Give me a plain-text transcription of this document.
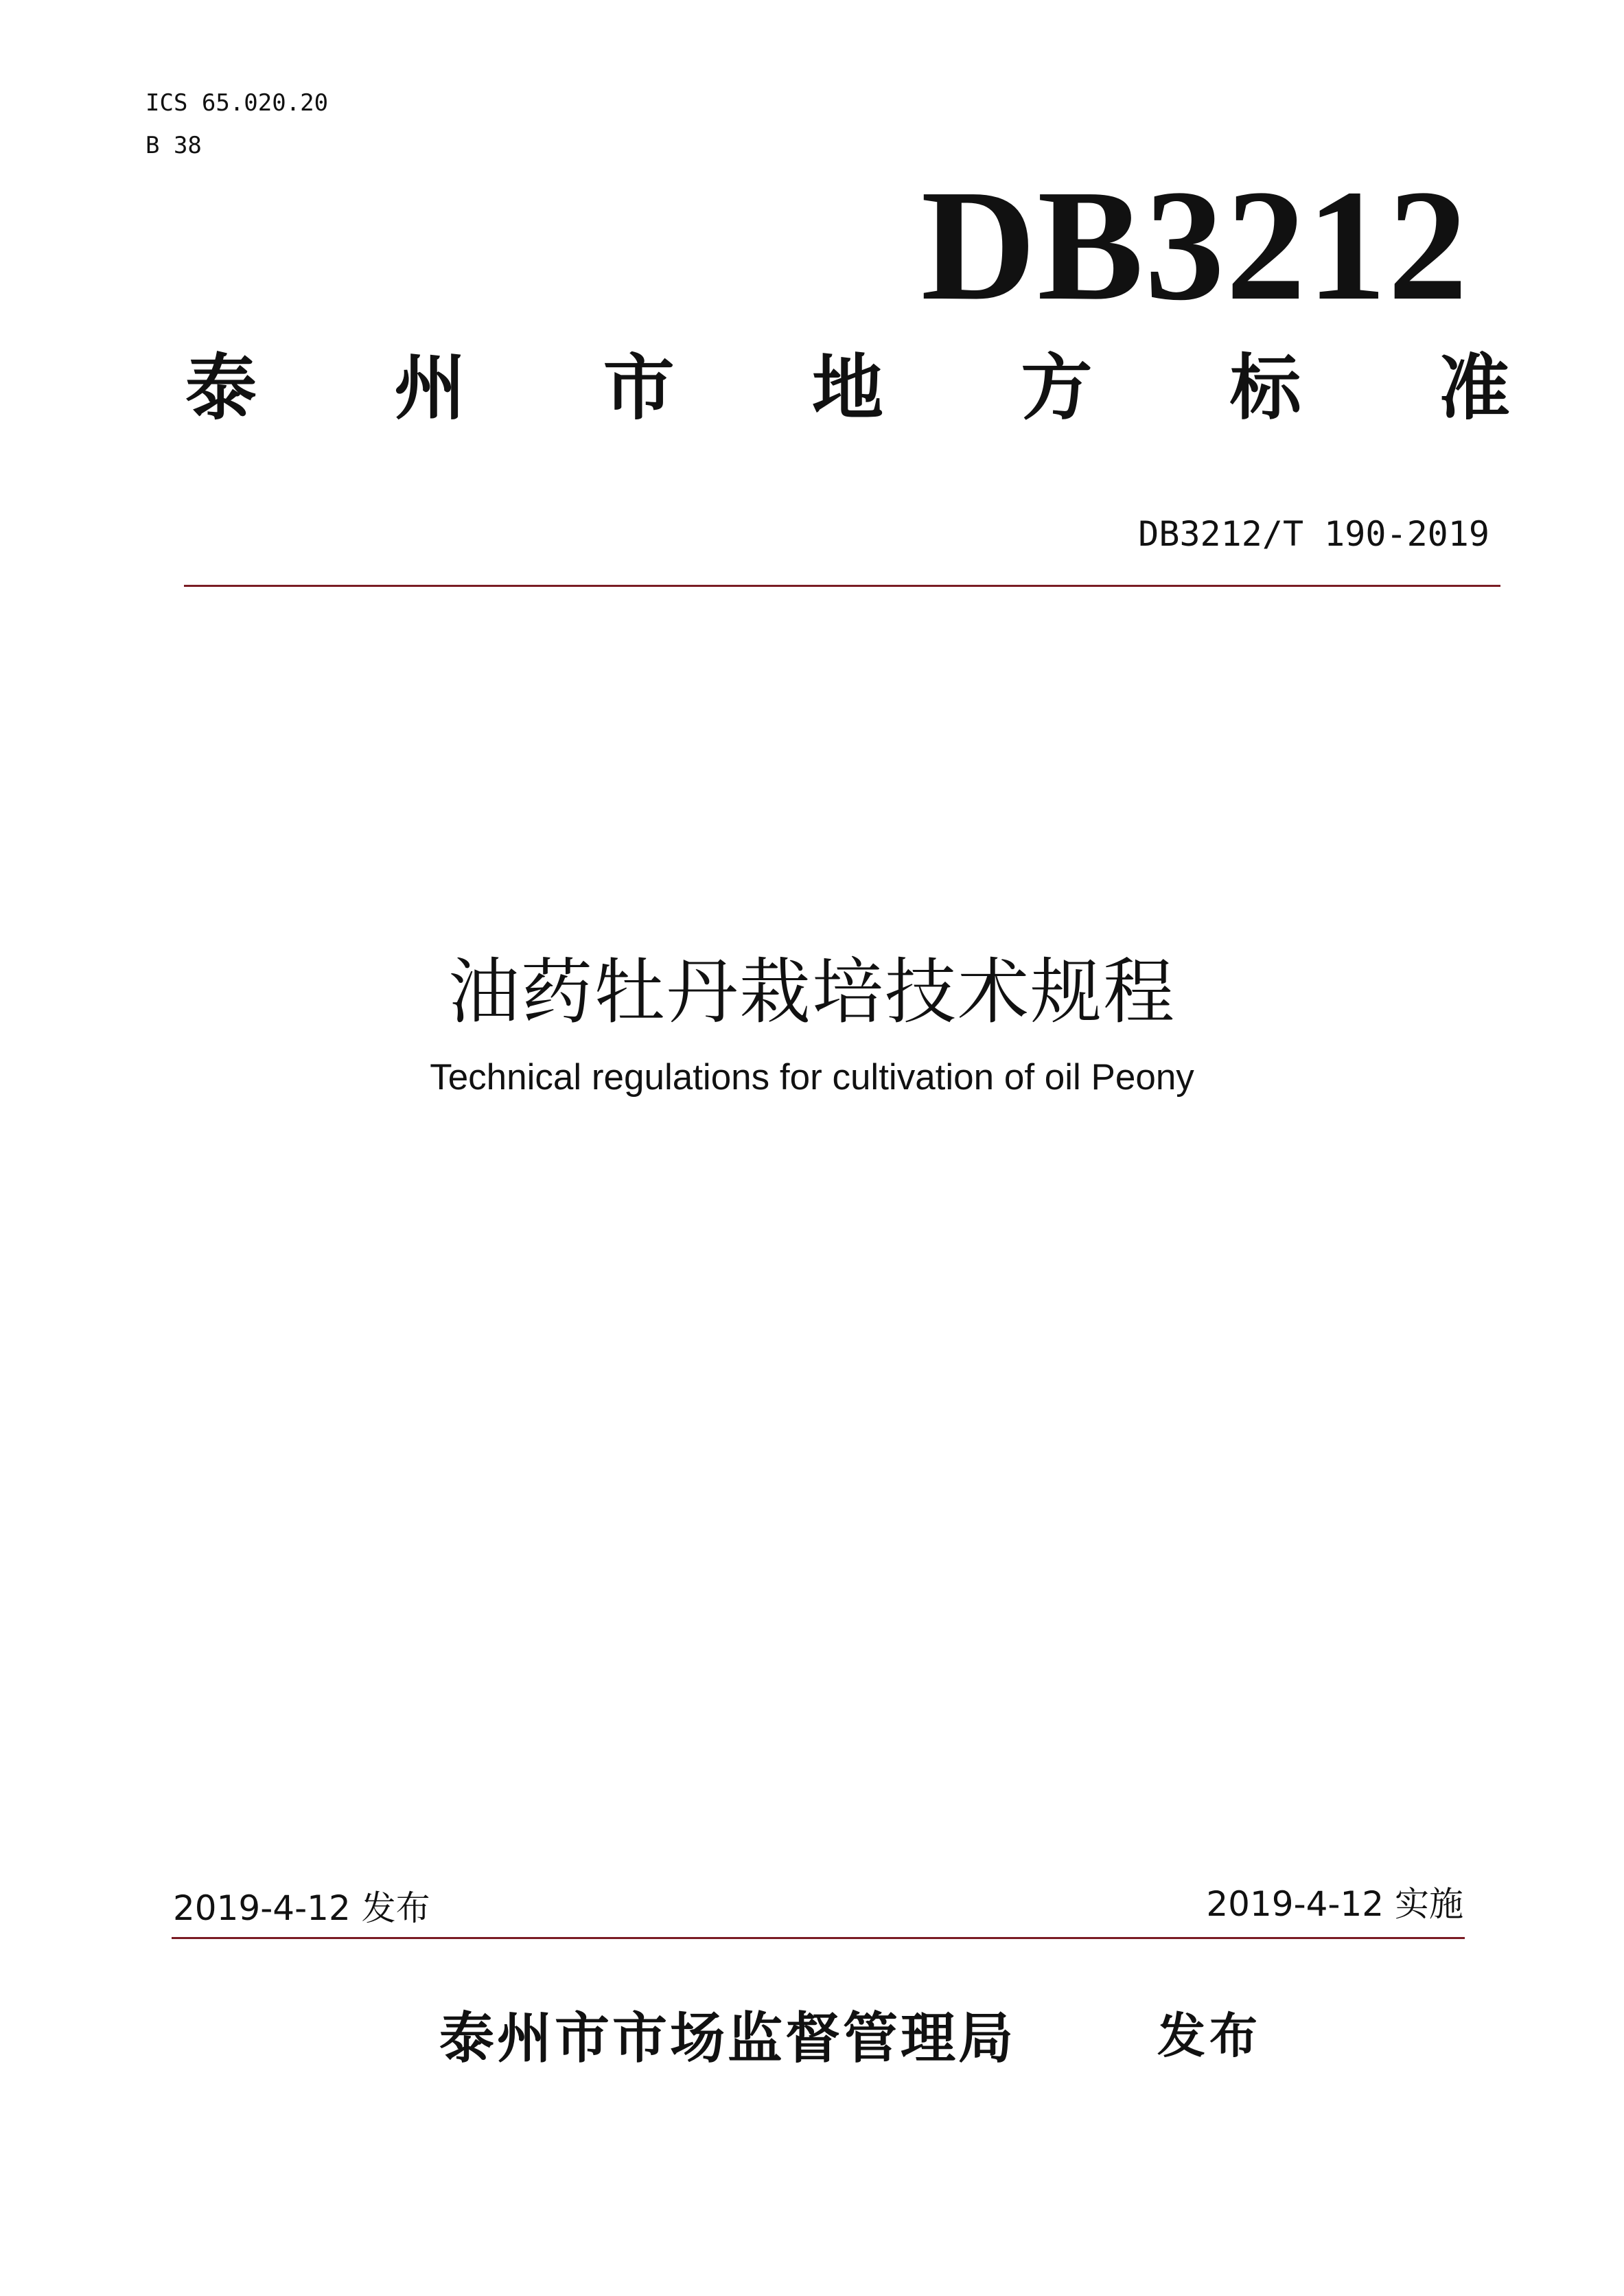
ICS 65.020.20
B 38
DB3212
泰 州 市 地 方 标 准
DB3212/T 190-2019
油药牡丹栽培技术规程
Technical regulations for cultivation of oil Peony
2019-4-12 发布	2019-4-12 实施
泰州市市场监督管理局	发布
